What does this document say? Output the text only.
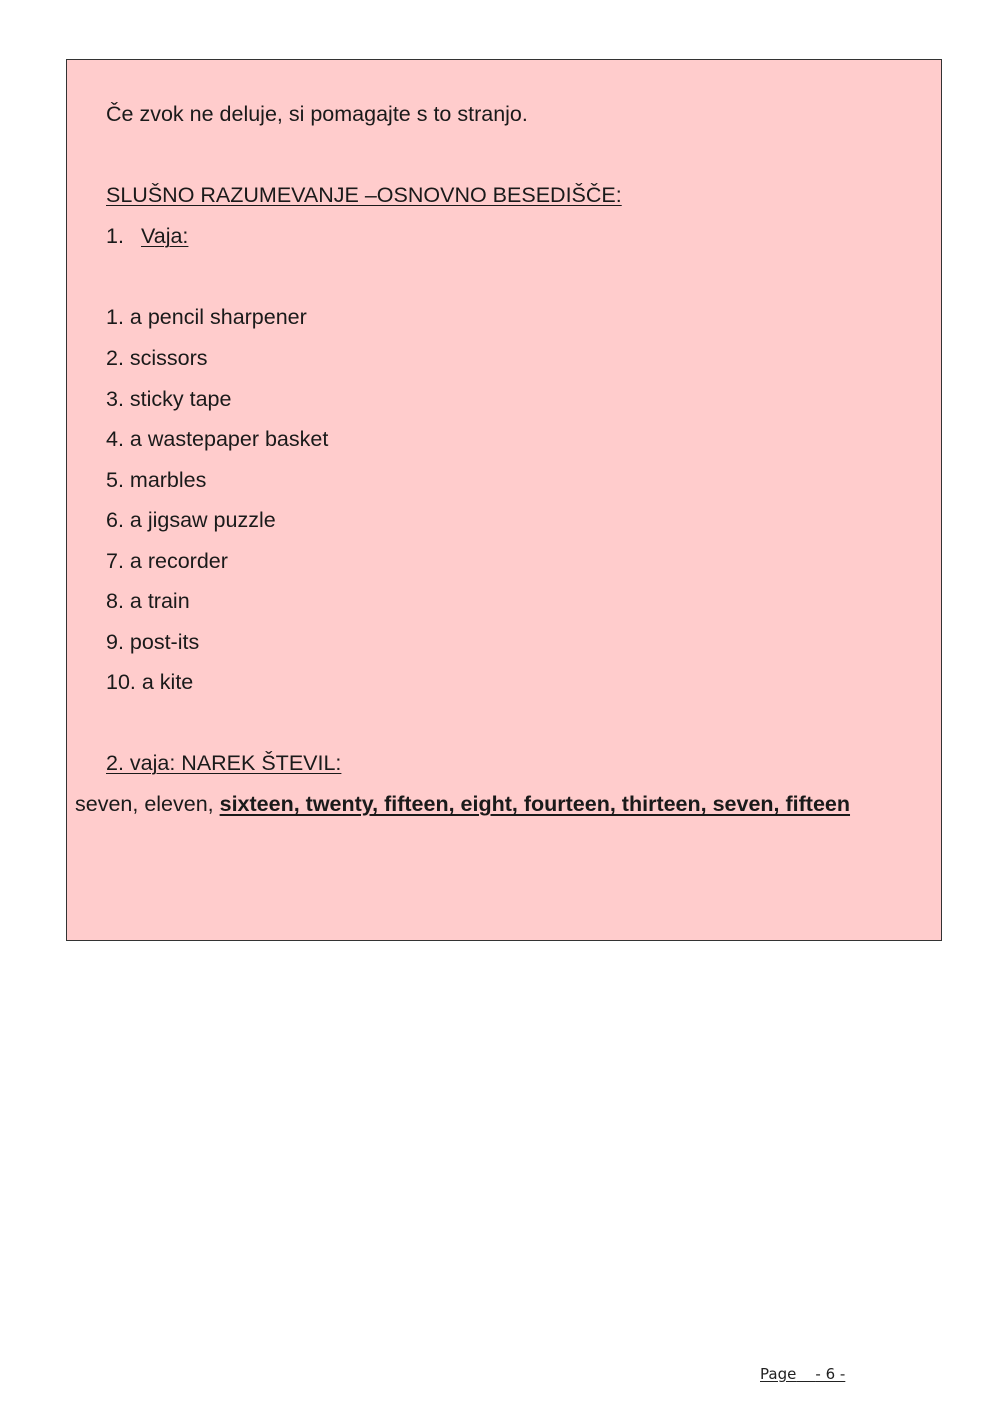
Če zvok ne deluje, si pomagajte s to stranjo.
SLUŠNO RAZUMEVANJE –OSNOVNO BESEDIŠČE:
1. Vaja:
1. a pencil sharpener
2. scissors
3. sticky tape
4. a wastepaper basket
5. marbles
6. a jigsaw puzzle
7. a recorder
8. a train
9. post-its
10. a kite
2. vaja: NAREK ŠTEVIL:
seven, eleven, sixteen, twenty, fifteen, eight, fourteen, thirteen, seven, fifteen
Page - 6 -
